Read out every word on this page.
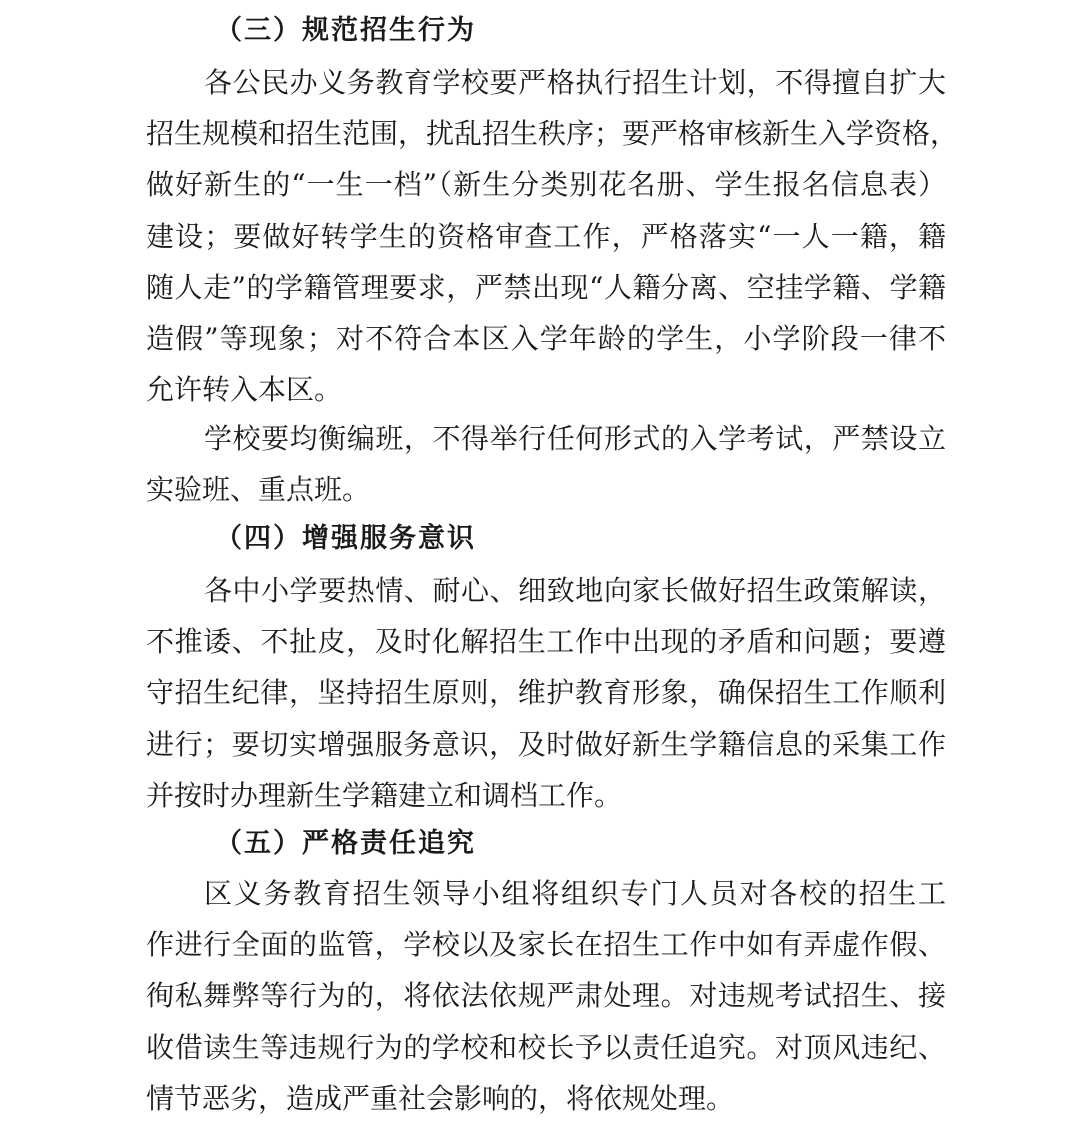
（三）规范招生行为
各公民办义务教育学校要严格执行招生计划，不得擅自扩大
招生规模和招生范围，扰乱招生秩序；要严格审核新生入学资格，
做好新生的“一生一档”（新生分类别花名册、学生报名信息表）
建设；要做好转学生的资格审查工作，严格落实“一人一籍，籍
随人走”的学籍管理要求，严禁出现“人籍分离、空挂学籍、学籍
造假”等现象；对不符合本区入学年龄的学生，小学阶段一律不
允许转入本区。
学校要均衡编班，不得举行任何形式的入学考试，严禁设立
实验班、重点班。
（四）增强服务意识
各中小学要热情、耐心、细致地向家长做好招生政策解读，
不推诿、不扯皮，及时化解招生工作中出现的矛盾和问题；要遵
守招生纪律，坚持招生原则，维护教育形象，确保招生工作顺利
进行；要切实增强服务意识，及时做好新生学籍信息的采集工作
并按时办理新生学籍建立和调档工作。
（五）严格责任追究
区义务教育招生领导小组将组织专门人员对各校的招生工
作进行全面的监管，学校以及家长在招生工作中如有弄虚作假、
徇私舞弊等行为的，将依法依规严肃处理。对违规考试招生、接
收借读生等违规行为的学校和校长予以责任追究。对顶风违纪、
情节恶劣，造成严重社会影响的，将依规处理。
